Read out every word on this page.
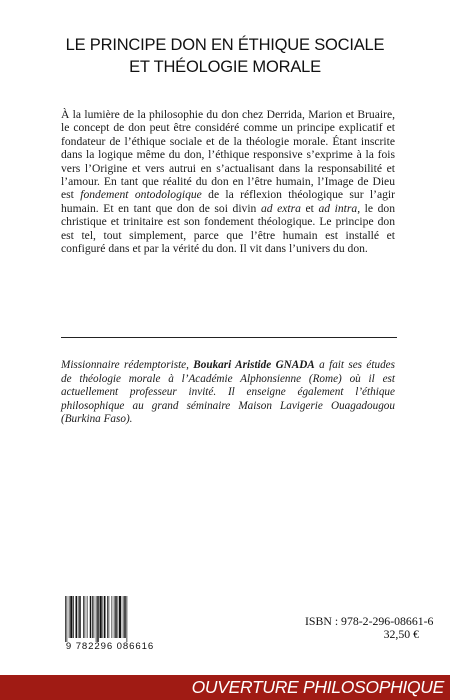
LE PRINCIPE DON EN ÉTHIQUE SOCIALE
ET THÉOLOGIE MORALE
À la lumière de la philosophie du don chez Derrida, Marion et Bruaire, le concept de don peut être considéré comme un principe explicatif et fondateur de l’éthique sociale et de la théologie morale. Étant inscrite dans la logique même du don, l’éthique responsive s’exprime à la fois vers l’Origine et vers autrui en s’actualisant dans la responsabilité et l’amour. En tant que réalité du don en l’être humain, l’Image de Dieu est fondement ontodologique de la réflexion théologique sur l’agir humain. Et en tant que don de soi divin ad extra et ad intra, le don christique et trinitaire est son fondement théologique. Le principe don est tel, tout simplement, parce que l’être humain est installé et configuré dans et par la vérité du don. Il vit dans l’univers du don.
Missionnaire rédemptoriste, Boukari Aristide GNADA a fait ses études de théologie morale à l’Académie Alphonsienne (Rome) où il est actuellement professeur invité. Il enseigne également l’éthique philosophique au grand séminaire Maison Lavigerie Ouagadougou (Burkina Faso).
9 782296 086616
ISBN : 978-2-296-08661-6
32,50 €
OUVERTURE PHILOSOPHIQUE
